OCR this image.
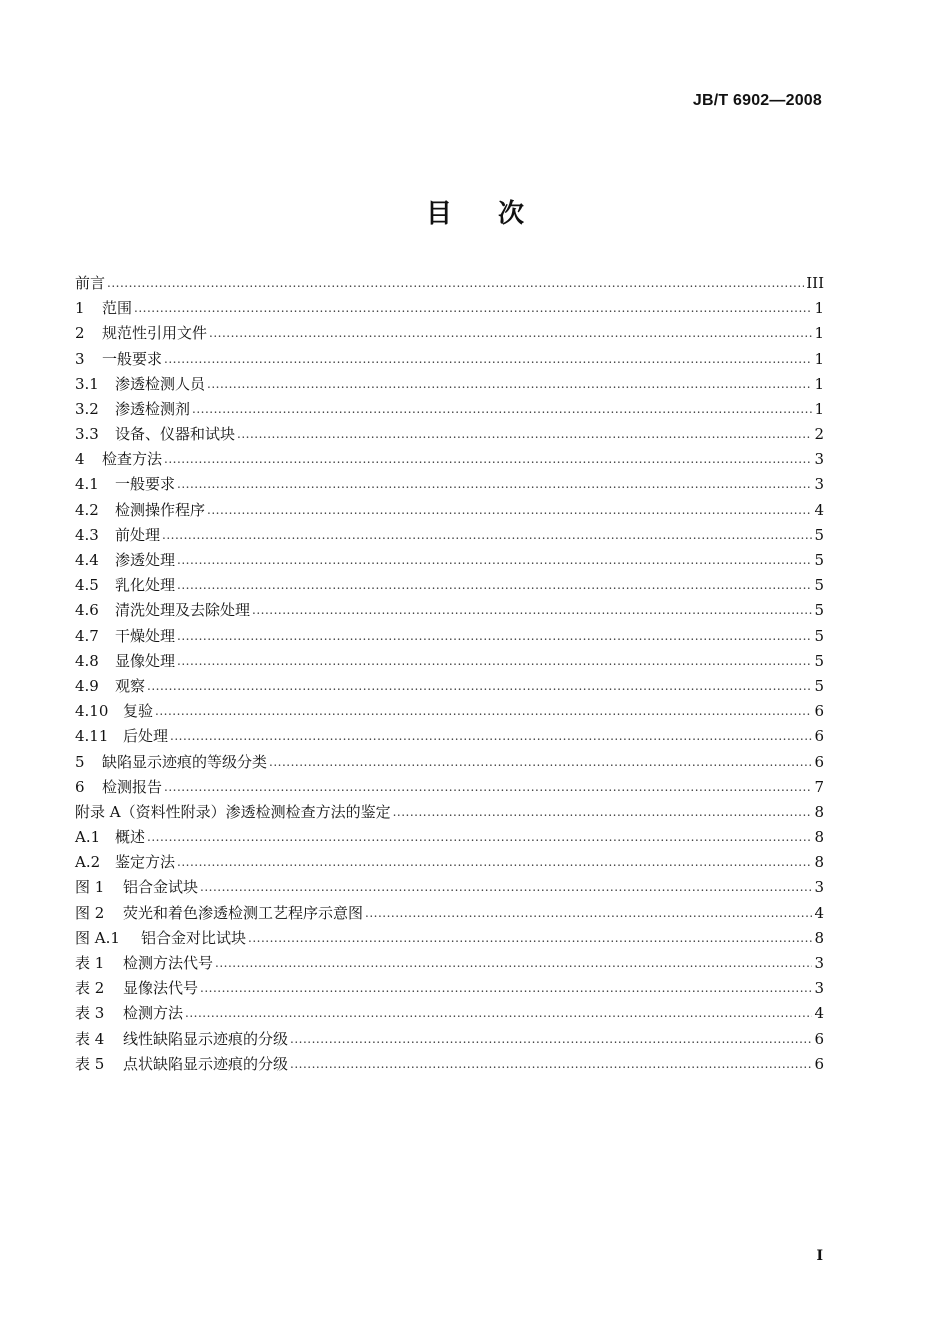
JB/T 6902—2008
目次
前言 .....	III
1	范围 .....	1
2	规范性引用文件 .....	1
3	一般要求 .....	1
3.1	渗透检测人员 .....	1
3.2	渗透检测剂 .....	1
3.3	设备、仪器和试块 .....	2
4	检查方法 .....	3
4.1	一般要求 .....	3
4.2	检测操作程序 .....	4
4.3	前处理 .....	5
4.4	渗透处理 .....	5
4.5	乳化处理 .....	5
4.6	清洗处理及去除处理 .....	5
4.7	干燥处理 .....	5
4.8	显像处理 .....	5
4.9	观察 .....	5
4.10 复验 .....	6
4.11 后处理 .....	6
5	缺陷显示迹痕的等级分类 .....	6
6	检测报告 .....	7
附录 A（资料性附录）渗透检测检查方法的鉴定 .....	8
A.1 概述 .....	8
A.2 鉴定方法 .....	8
图 1	铝合金试块 .....	3
图 2	荧光和着色渗透检测工艺程序示意图 .....	4
图 A.1	铝合金对比试块 .....	8
表 1	检测方法代号 .....	3
表 2	显像法代号 .....	3
表 3	检测方法 .....	4
表 4	线性缺陷显示迹痕的分级 .....	6
表 5	点状缺陷显示迹痕的分级 .....	6
I
